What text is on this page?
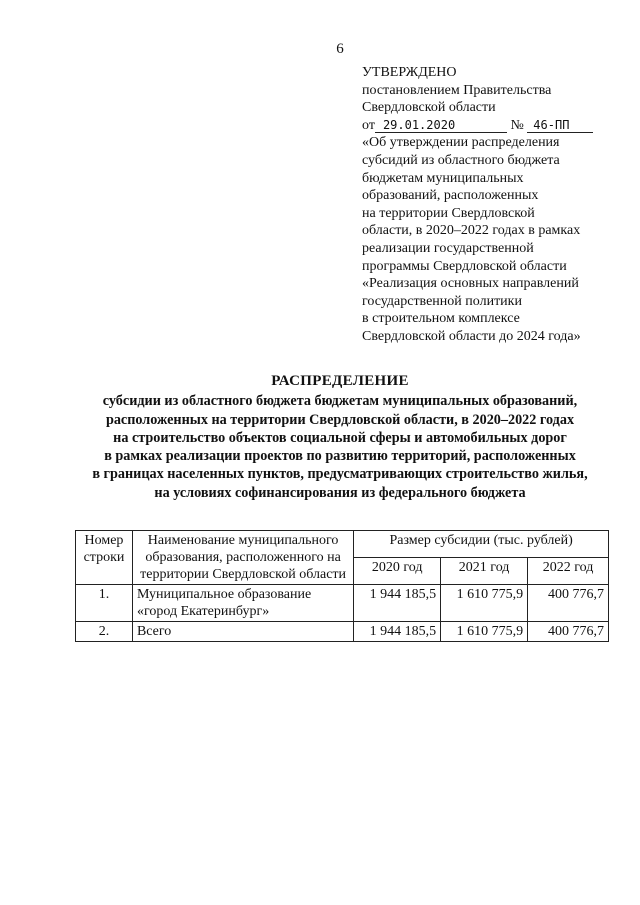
6
УТВЕРЖДЕНО
постановлением Правительства
Свердловской области
от 29.01.2020	№ 46-ПП
«Об утверждении распределения
субсидий из областного бюджета
бюджетам муниципальных
образований, расположенных
на территории Свердловской
области, в 2020–2022 годах в рамках
реализации государственной
программы Свердловской области
«Реализация основных направлений
государственной политики
в строительном комплексе
Свердловской области до 2024 года»
РАСПРЕДЕЛЕНИЕ
субсидии из областного бюджета бюджетам муниципальных образований,
расположенных на территории Свердловской области, в 2020–2022 годах
на строительство объектов социальной сферы и автомобильных дорог
в рамках реализации проектов по развитию территорий, расположенных
в границах населенных пунктов, предусматривающих строительство жилья,
на условиях софинансирования из федерального бюджета
Номер строки	Наименование муниципального образования, расположенного на территории Свердловской области	Размер субсидии (тыс. рублей)		
		2020 год	2021 год	2022 год
1.	Муниципальное образование «город Екатеринбург»	1 944 185,5	1 610 775,9	400 776,7
2.	Всего	1 944 185,5	1 610 775,9	400 776,7
